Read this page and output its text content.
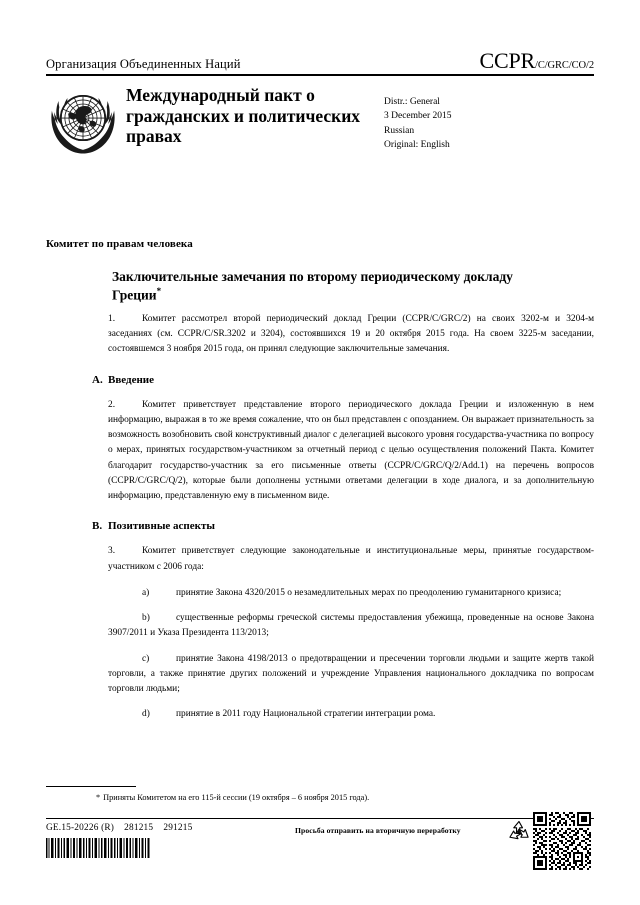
Организация Объединенных Наций	CCPR/C/GRC/CO/2
Международный пакт о гражданских и политических правах
Distr.: General
3 December 2015
Russian
Original: English
Комитет по правам человека
Заключительные замечания по второму периодическому докладу Греции*
1.	Комитет рассмотрел второй периодический доклад Греции (CCPR/C/GRC/2) на своих 3202-м и 3204-м заседаниях (см. CCPR/C/SR.3202 и 3204), состоявшихся 19 и 20 октября 2015 года. На своем 3225-м заседании, состоявшемся 3 ноября 2015 года, он принял следующие заключительные замечания.
A. Введение
2.	Комитет приветствует представление второго периодического доклада Греции и изложенную в нем информацию, выражая в то же время сожаление, что он был представлен с опозданием. Он выражает признательность за возможность возобновить свой конструктивный диалог с делегацией высокого уровня государства-участника по вопросу о мерах, принятых государством-участником за отчетный период с целью осуществления положений Пакта. Комитет благодарит государство-участник за его письменные ответы (CCPR/C/GRC/Q/2/Add.1) на перечень вопросов (CCPR/C/GRC/Q/2), которые были дополнены устными ответами делегации в ходе диалога, и за дополнительную информацию, представленную ему в письменном виде.
B. Позитивные аспекты
3.	Комитет приветствует следующие законодательные и институциональные меры, принятые государством-участником с 2006 года:
a)	принятие Закона 4320/2015 о незамедлительных мерах по преодолению гуманитарного кризиса;
b)	существенные реформы греческой системы предоставления убежища, проведенные на основе Закона 3907/2011 и Указа Президента 113/2013;
c)	принятие Закона 4198/2013 о предотвращении и пресечении торговли людьми и защите жертв такой торговли, а также принятие других положений и учреждение Управления национального докладчика по вопросам торговли людьми;
d)	принятие в 2011 году Национальной стратегии интеграции рома.
* Приняты Комитетом на его 115-й сессии (19 октября – 6 ноября 2015 года).
GE.15-20226 (R)    281215    291215	Просьба отправить на вторичную переработку
